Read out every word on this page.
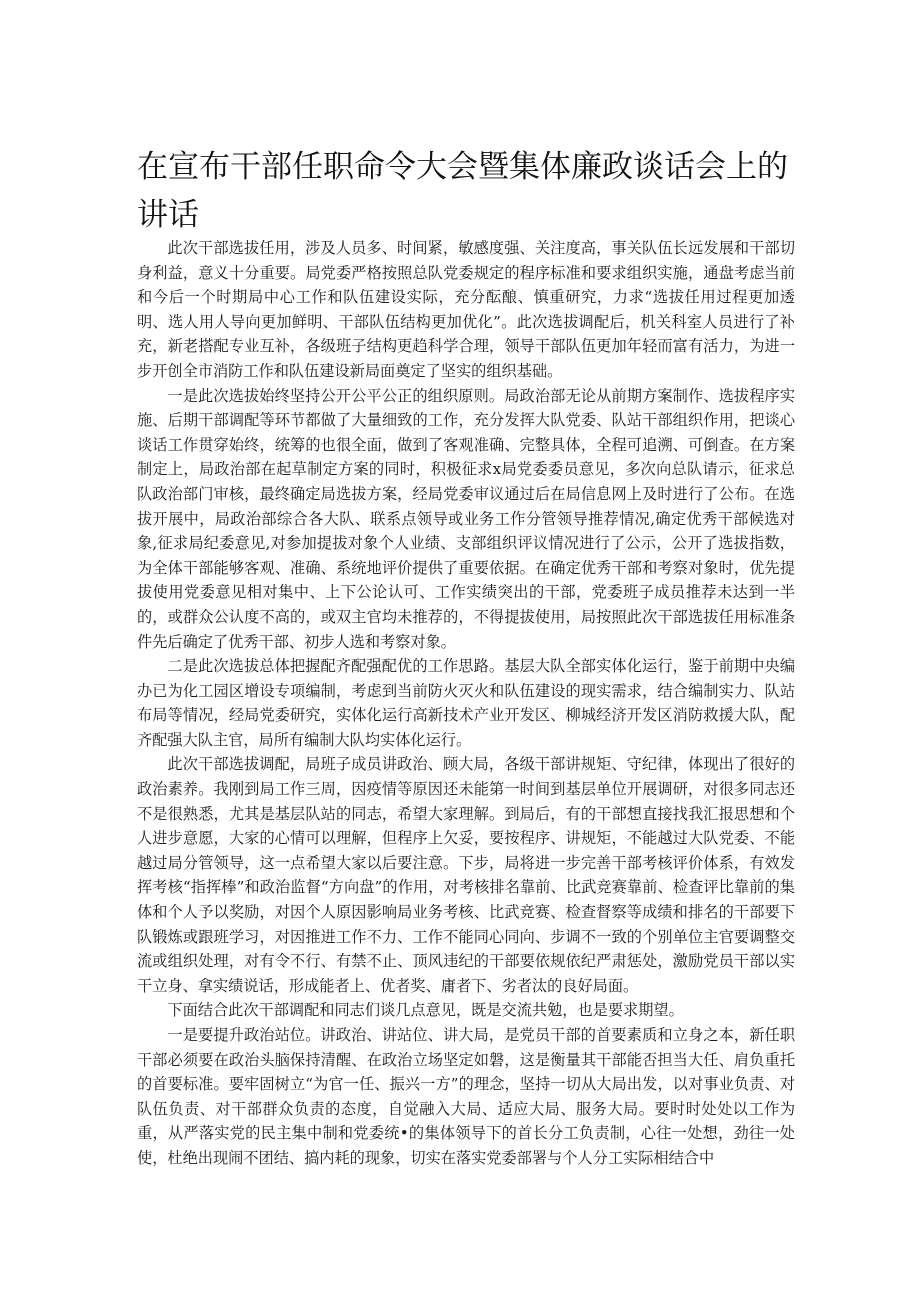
在宣布干部任职命令大会暨集体廉政谈话会上的讲话

此次干部选拔任用，涉及人员多、时间紧，敏感度强、关注度高，事关队伍长远发展和干部切身利益，意义十分重要。局党委严格按照总队党委规定的程序标准和要求组织实施，通盘考虑当前和今后一个时期局中心工作和队伍建设实际，充分酝酿、慎重研究，力求“选拔任用过程更加透明、选人用人导向更加鲜明、干部队伍结构更加优化”。此次选拔调配后，机关科室人员进行了补充，新老搭配专业互补，各级班子结构更趋科学合理，领导干部队伍更加年轻而富有活力，为进一步开创全市消防工作和队伍建设新局面奠定了坚实的组织基础。

一是此次选拔始终坚持公开公平公正的组织原则。局政治部无论从前期方案制作、选拔程序实施、后期干部调配等环节都做了大量细致的工作，充分发挥大队党委、队站干部组织作用，把谈心谈话工作贯穿始终，统筹的也很全面，做到了客观准确、完整具体，全程可追溯、可倒查。在方案制定上，局政治部在起草制定方案的同时，积极征求x局党委委员意见，多次向总队请示，征求总队政治部门审核，最终确定局选拔方案，经局党委审议通过后在局信息网上及时进行了公布。在选拔开展中，局政治部综合各大队、联系点领导或业务工作分管领导推荐情况,确定优秀干部候选对象,征求局纪委意见,对参加提拔对象个人业绩、支部组织评议情况进行了公示，公开了选拔指数，为全体干部能够客观、准确、系统地评价提供了重要依据。在确定优秀干部和考察对象时，优先提拔使用党委意见相对集中、上下公论认可、工作实绩突出的干部，党委班子成员推荐未达到一半的，或群众公认度不高的，或双主官均未推荐的，不得提拔使用，局按照此次干部选拔任用标准条件先后确定了优秀干部、初步人选和考察对象。

二是此次选拔总体把握配齐配强配优的工作思路。基层大队全部实体化运行，鉴于前期中央编办已为化工园区增设专项编制，考虑到当前防火灭火和队伍建设的现实需求，结合编制实力、队站布局等情况，经局党委研究，实体化运行高新技术产业开发区、柳城经济开发区消防救援大队，配齐配强大队主官，局所有编制大队均实体化运行。

此次干部选拔调配，局班子成员讲政治、顾大局，各级干部讲规矩、守纪律，体现出了很好的政治素养。我刚到局工作三周，因疫情等原因还未能第一时间到基层单位开展调研，对很多同志还不是很熟悉，尤其是基层队站的同志，希望大家理解。到局后，有的干部想直接找我汇报思想和个人进步意愿，大家的心情可以理解，但程序上欠妥，要按程序、讲规矩，不能越过大队党委、不能越过局分管领导，这一点希望大家以后要注意。下步，局将进一步完善干部考核评价体系，有效发挥考核“指挥棒”和政治监督“方向盘”的作用，对考核排名靠前、比武竞赛靠前、检查评比靠前的集体和个人予以奖励，对因个人原因影响局业务考核、比武竞赛、检查督察等成绩和排名的干部要下队锻炼或跟班学习，对因推进工作不力、工作不能同心同向、步调不一致的个别单位主官要调整交流或组织处理，对有令不行、有禁不止、顶风违纪的干部要依规依纪严肃惩处，激励党员干部以实干立身、拿实绩说话，形成能者上、优者奖、庸者下、劣者汰的良好局面。

下面结合此次干部调配和同志们谈几点意见，既是交流共勉，也是要求期望。

一是要提升政治站位。讲政治、讲站位、讲大局，是党员干部的首要素质和立身之本，新任职干部必须要在政治头脑保持清醒、在政治立场坚定如磐，这是衡量其干部能否担当大任、肩负重托的首要标准。要牢固树立“为官一任、振兴一方”的理念，坚持一切从大局出发，以对事业负责、对队伍负责、对干部群众负责的态度，自觉融入大局、适应大局、服务大局。要时时处处以工作为重，从严落实党的民主集中制和党委统•的集体领导下的首长分工负责制，心往一处想，劲往一处使，杜绝出现闹不团结、搞内耗的现象，切实在落实党委部署与个人分工实际相结合中
